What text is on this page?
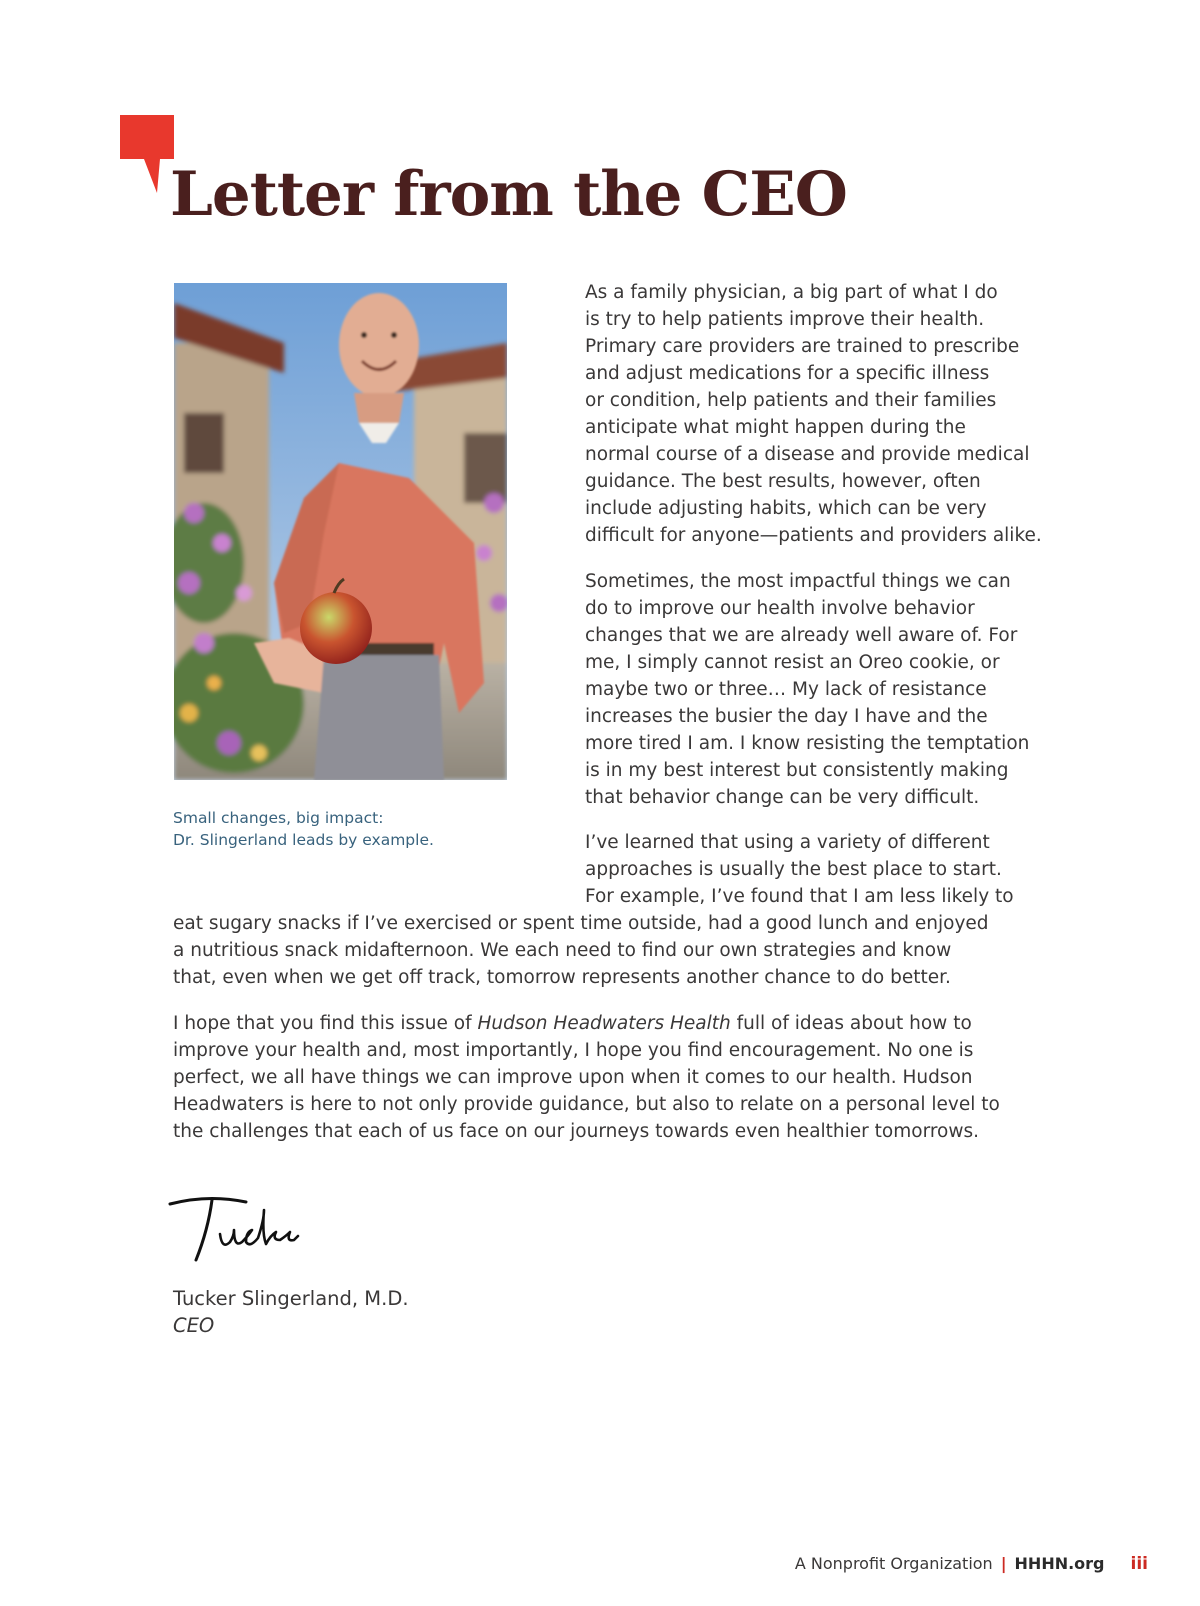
Letter from the CEO
Small changes, big impact:
Dr. Slingerland leads by example.
As a family physician, a big part of what I do
is try to help patients improve their health.
Primary care providers are trained to prescribe
and adjust medications for a specific illness
or condition, help patients and their families
anticipate what might happen during the
normal course of a disease and provide medical
guidance. The best results, however, often
include adjusting habits, which can be very
difficult for anyone—patients and providers alike.
Sometimes, the most impactful things we can
do to improve our health involve behavior
changes that we are already well aware of. For
me, I simply cannot resist an Oreo cookie, or
maybe two or three… My lack of resistance
increases the busier the day I have and the
more tired I am. I know resisting the temptation
is in my best interest but consistently making
that behavior change can be very difficult.
I’ve learned that using a variety of different
approaches is usually the best place to start.
For example, I’ve found that I am less likely to
eat sugary snacks if I’ve exercised or spent time outside, had a good lunch and enjoyed
a nutritious snack midafternoon. We each need to find our own strategies and know
that, even when we get off track, tomorrow represents another chance to do better.
I hope that you find this issue of Hudson Headwaters Health full of ideas about how to
improve your health and, most importantly, I hope you find encouragement. No one is
perfect, we all have things we can improve upon when it comes to our health. Hudson
Headwaters is here to not only provide guidance, but also to relate on a personal level to
the challenges that each of us face on our journeys towards even healthier tomorrows.
Tucker Slingerland, M.D.
CEO
A Nonprofit Organization | HHHN.org iii
